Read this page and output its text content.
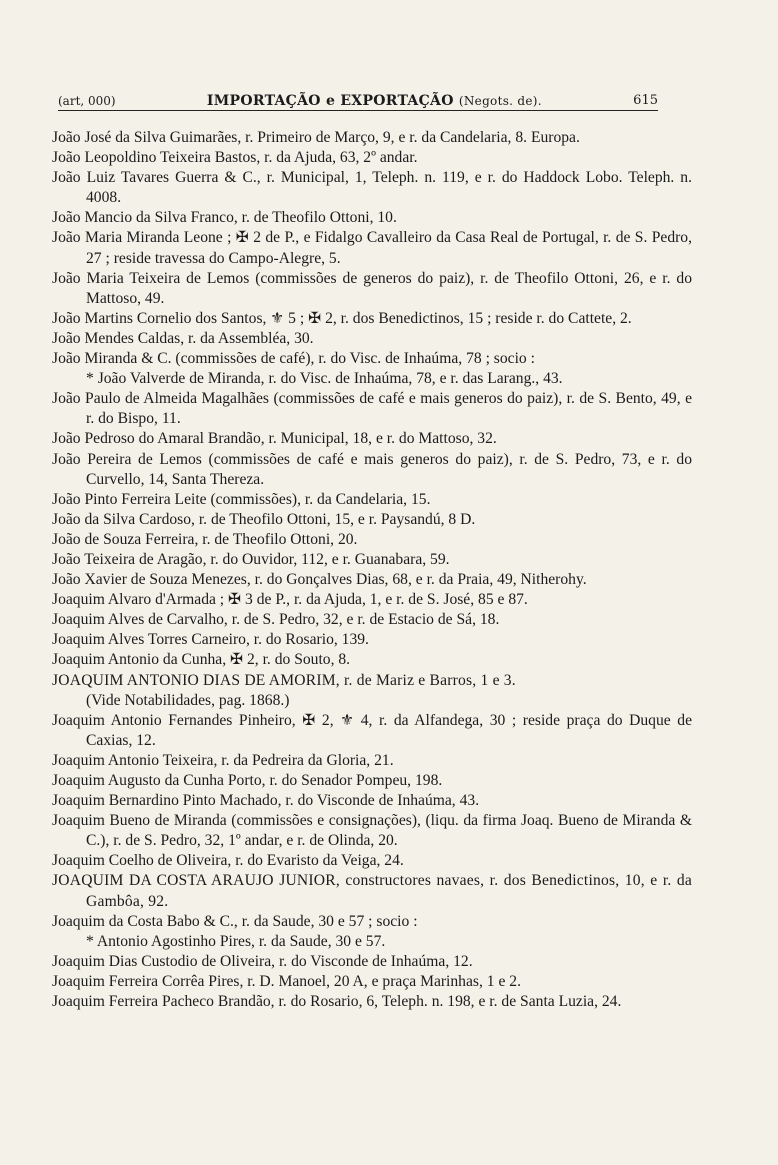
(art, 000)	IMPORTAÇÃO e EXPORTAÇÃO (Negots. de).	615

João José da Silva Guimarães, r. Primeiro de Março, 9, e r. da Candelaria, 8. Europa.

João Leopoldino Teixeira Bastos, r. da Ajuda, 63, 2º andar.

João Luiz Tavares Guerra & C., r. Municipal, 1, Teleph. n. 119, e r. do Haddock Lobo. Teleph. n. 4008.

João Mancio da Silva Franco, r. de Theofilo Ottoni, 10.

João Maria Miranda Leone ; ✠ 2 de P., e Fidalgo Cavalleiro da Casa Real de Portugal, r. de S. Pedro, 27 ; reside travessa do Campo-Alegre, 5.

João Maria Teixeira de Lemos (commissões de generos do paiz), r. de Theofilo Ottoni, 26, e r. do Mattoso, 49.

João Martins Cornelio dos Santos, ⚜ 5 ; ✠ 2, r. dos Benedictinos, 15 ; reside r. do Cattete, 2.

João Mendes Caldas, r. da Assembléa, 30.

João Miranda & C. (commissões de café), r. do Visc. de Inhaúma, 78 ; socio :

* João Valverde de Miranda, r. do Visc. de Inhaúma, 78, e r. das Larang., 43.

João Paulo de Almeida Magalhães (commissões de café e mais generos do paiz), r. de S. Bento, 49, e r. do Bispo, 11.

João Pedroso do Amaral Brandão, r. Municipal, 18, e r. do Mattoso, 32.

João Pereira de Lemos (commissões de café e mais generos do paiz), r. de S. Pedro, 73, e r. do Curvello, 14, Santa Thereza.

João Pinto Ferreira Leite (commissões), r. da Candelaria, 15.

João da Silva Cardoso, r. de Theofilo Ottoni, 15, e r. Paysandú, 8 D.

João de Souza Ferreira, r. de Theofilo Ottoni, 20.

João Teixeira de Aragão, r. do Ouvidor, 112, e r. Guanabara, 59.

João Xavier de Souza Menezes, r. do Gonçalves Dias, 68, e r. da Praia, 49, Nitherohy.

Joaquim Alvaro d'Armada ; ✠ 3 de P., r. da Ajuda, 1, e r. de S. José, 85 e 87.

Joaquim Alves de Carvalho, r. de S. Pedro, 32, e r. de Estacio de Sá, 18.

Joaquim Alves Torres Carneiro, r. do Rosario, 139.

Joaquim Antonio da Cunha, ✠ 2, r. do Souto, 8.

JOAQUIM ANTONIO DIAS DE AMORIM, r. de Mariz e Barros, 1 e 3.

(Vide Notabilidades, pag. 1868.)

Joaquim Antonio Fernandes Pinheiro, ✠ 2, ⚜ 4, r. da Alfandega, 30 ; reside praça do Duque de Caxias, 12.

Joaquim Antonio Teixeira, r. da Pedreira da Gloria, 21.

Joaquim Augusto da Cunha Porto, r. do Senador Pompeu, 198.

Joaquim Bernardino Pinto Machado, r. do Visconde de Inhaúma, 43.

Joaquim Bueno de Miranda (commissões e consignações), (liqu. da firma Joaq. Bueno de Miranda & C.), r. de S. Pedro, 32, 1º andar, e r. de Olinda, 20.

Joaquim Coelho de Oliveira, r. do Evaristo da Veiga, 24.

JOAQUIM DA COSTA ARAUJO JUNIOR, constructores navaes, r. dos Benedictinos, 10, e r. da Gambôa, 92.

Joaquim da Costa Babo & C., r. da Saude, 30 e 57 ; socio :

* Antonio Agostinho Pires, r. da Saude, 30 e 57.

Joaquim Dias Custodio de Oliveira, r. do Visconde de Inhaúma, 12.

Joaquim Ferreira Corrêa Pires, r. D. Manoel, 20 A, e praça Marinhas, 1 e 2.

Joaquim Ferreira Pacheco Brandão, r. do Rosario, 6, Teleph. n. 198, e r. de Santa Luzia, 24.
